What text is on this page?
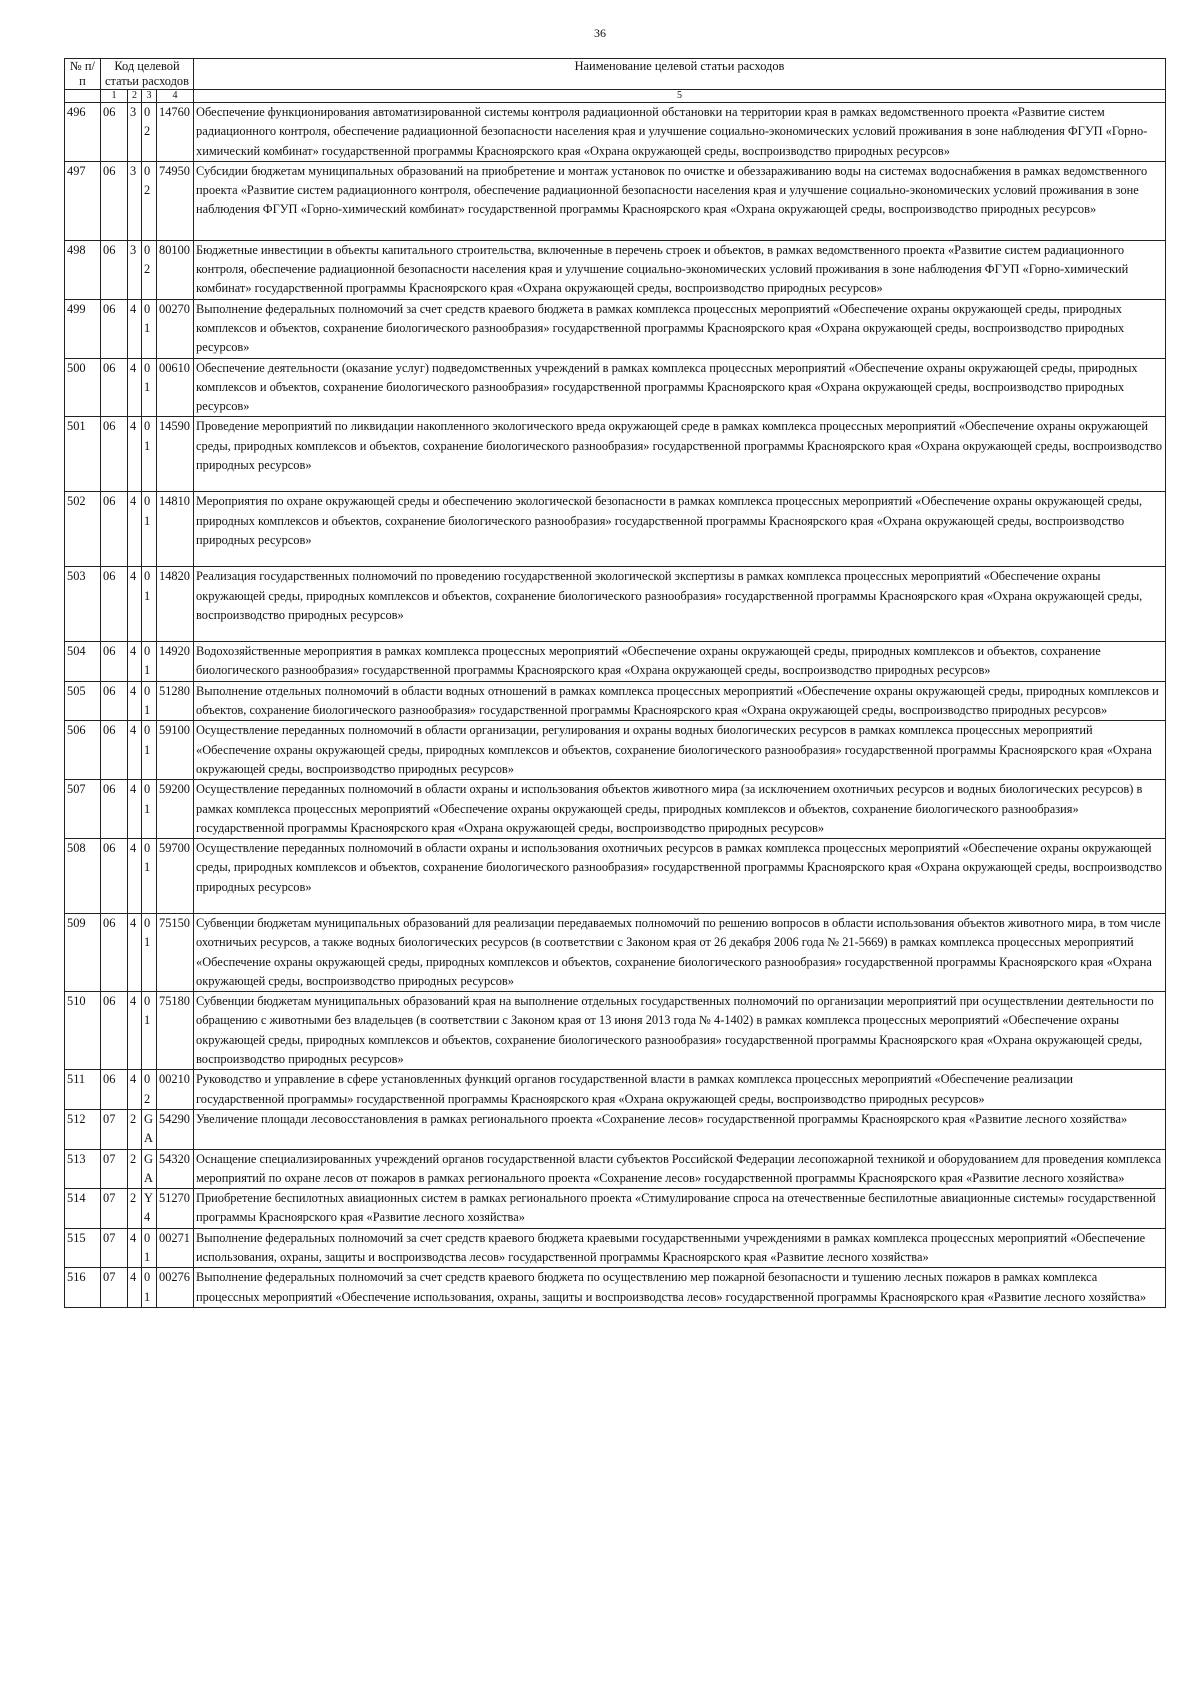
36
№ п/п	Код целевой статьи расходов				Наименование целевой статьи расходов

	1	2	3	4	5
496	06	3	02	14760	Обеспечение функционирования автоматизированной системы контроля радиационной обстановки на территории края в рамках ведомственного проекта «Развитие систем радиационного контроля, обеспечение радиационной безопасности населения края и улучшение социально-экономических условий проживания в зоне наблюдения ФГУП «Горно-химический комбинат» государственной программы Красноярского края «Охрана окружающей среды, воспроизводство природных ресурсов»
497	06	3	02	74950	Субсидии бюджетам муниципальных образований на приобретение и монтаж установок по очистке и обеззараживанию воды на системах водоснабжения в рамках ведомственного проекта «Развитие систем радиационного контроля, обеспечение радиационной безопасности населения края и улучшение социально-экономических условий проживания в зоне наблюдения ФГУП «Горно-химический комбинат» государственной программы Красноярского края «Охрана окружающей среды, воспроизводство природных ресурсов»
498	06	3	02	80100	Бюджетные инвестиции в объекты капитального строительства, включенные в перечень строек и объектов, в рамках ведомственного проекта «Развитие систем радиационного контроля, обеспечение радиационной безопасности населения края и улучшение социально-экономических условий проживания в зоне наблюдения ФГУП «Горно-химический комбинат» государственной программы Красноярского края «Охрана окружающей среды, воспроизводство природных ресурсов»
499	06	4	01	00270	Выполнение федеральных полномочий за счет средств краевого бюджета в рамках комплекса процессных мероприятий «Обеспечение охраны окружающей среды, природных комплексов и объектов, сохранение биологического разнообразия» государственной программы Красноярского края «Охрана окружающей среды, воспроизводство природных ресурсов»
500	06	4	01	00610	Обеспечение деятельности (оказание услуг) подведомственных учреждений в рамках комплекса процессных мероприятий «Обеспечение охраны окружающей среды, природных комплексов и объектов, сохранение биологического разнообразия» государственной программы Красноярского края «Охрана окружающей среды, воспроизводство природных ресурсов»
501	06	4	01	14590	Проведение мероприятий по ликвидации накопленного экологического вреда окружающей среде в рамках комплекса процессных мероприятий «Обеспечение охраны окружающей среды, природных комплексов и объектов, сохранение биологического разнообразия» государственной программы Красноярского края «Охрана окружающей среды, воспроизводство природных ресурсов»
502	06	4	01	14810	Мероприятия по охране окружающей среды и обеспечению экологической безопасности в рамках комплекса процессных мероприятий «Обеспечение охраны окружающей среды, природных комплексов и объектов, сохранение биологического разнообразия» государственной программы Красноярского края «Охрана окружающей среды, воспроизводство природных ресурсов»
503	06	4	01	14820	Реализация государственных полномочий по проведению государственной экологической экспертизы в рамках комплекса процессных мероприятий «Обеспечение охраны окружающей среды, природных комплексов и объектов, сохранение биологического разнообразия» государственной программы Красноярского края «Охрана окружающей среды, воспроизводство природных ресурсов»
504	06	4	01	14920	Водохозяйственные мероприятия в рамках комплекса процессных мероприятий «Обеспечение охраны окружающей среды, природных комплексов и объектов, сохранение биологического разнообразия» государственной программы Красноярского края «Охрана окружающей среды, воспроизводство природных ресурсов»
505	06	4	01	51280	Выполнение отдельных полномочий в области водных отношений в рамках комплекса процессных мероприятий «Обеспечение охраны окружающей среды, природных комплексов и объектов, сохранение биологического разнообразия» государственной программы Красноярского края «Охрана окружающей среды, воспроизводство природных ресурсов»
506	06	4	01	59100	Осуществление переданных полномочий в области организации, регулирования и охраны водных биологических ресурсов в рамках комплекса процессных мероприятий «Обеспечение охраны окружающей среды, природных комплексов и объектов, сохранение биологического разнообразия» государственной программы Красноярского края «Охрана окружающей среды, воспроизводство природных ресурсов»
507	06	4	01	59200	Осуществление переданных полномочий в области охраны и использования объектов животного мира (за исключением охотничьих ресурсов и водных биологических ресурсов) в рамках комплекса процессных мероприятий «Обеспечение охраны окружающей среды, природных комплексов и объектов, сохранение биологического разнообразия» государственной программы Красноярского края «Охрана окружающей среды, воспроизводство природных ресурсов»
508	06	4	01	59700	Осуществление переданных полномочий в области охраны и использования охотничьих ресурсов в рамках комплекса процессных мероприятий «Обеспечение охраны окружающей среды, природных комплексов и объектов, сохранение биологического разнообразия» государственной программы Красноярского края «Охрана окружающей среды, воспроизводство природных ресурсов»
509	06	4	01	75150	Субвенции бюджетам муниципальных образований для реализации передаваемых полномочий по решению вопросов в области использования объектов животного мира, в том числе охотничьих ресурсов, а также водных биологических ресурсов (в соответствии с Законом края от 26 декабря 2006 года № 21-5669) в рамках комплекса процессных мероприятий «Обеспечение охраны окружающей среды, природных комплексов и объектов, сохранение биологического разнообразия» государственной программы Красноярского края «Охрана окружающей среды, воспроизводство природных ресурсов»
510	06	4	01	75180	Субвенции бюджетам муниципальных образований края на выполнение отдельных государственных полномочий по организации мероприятий при осуществлении деятельности по обращению с животными без владельцев (в соответствии с Законом края от 13 июня 2013 года № 4-1402) в рамках комплекса процессных мероприятий «Обеспечение охраны окружающей среды, природных комплексов и объектов, сохранение биологического разнообразия» государственной программы Красноярского края «Охрана окружающей среды, воспроизводство природных ресурсов»
511	06	4	02	00210	Руководство и управление в сфере установленных функций органов государственной власти в рамках комплекса процессных мероприятий «Обеспечение реализации государственной программы» государственной программы Красноярского края «Охрана окружающей среды, воспроизводство природных ресурсов»
512	07	2	GA	54290	Увеличение площади лесовосстановления в рамках регионального проекта «Сохранение лесов» государственной программы Красноярского края «Развитие лесного хозяйства»
513	07	2	GA	54320	Оснащение специализированных учреждений органов государственной власти субъектов Российской Федерации лесопожарной техникой и оборудованием для проведения комплекса мероприятий по охране лесов от пожаров в рамках регионального проекта «Сохранение лесов» государственной программы Красноярского края «Развитие лесного хозяйства»
514	07	2	Y4	51270	Приобретение беспилотных авиационных систем в рамках регионального проекта «Стимулирование спроса на отечественные беспилотные авиационные системы» государственной программы Красноярского края «Развитие лесного хозяйства»
515	07	4	01	00271	Выполнение федеральных полномочий за счет средств краевого бюджета краевыми государственными учреждениями в рамках комплекса процессных мероприятий «Обеспечение использования, охраны, защиты и воспроизводства лесов» государственной программы Красноярского края «Развитие лесного хозяйства»
516	07	4	01	00276	Выполнение федеральных полномочий за счет средств краевого бюджета по осуществлению мер пожарной безопасности и тушению лесных пожаров в рамках комплекса процессных мероприятий «Обеспечение использования, охраны, защиты и воспроизводства лесов» государственной программы Красноярского края «Развитие лесного хозяйства»
